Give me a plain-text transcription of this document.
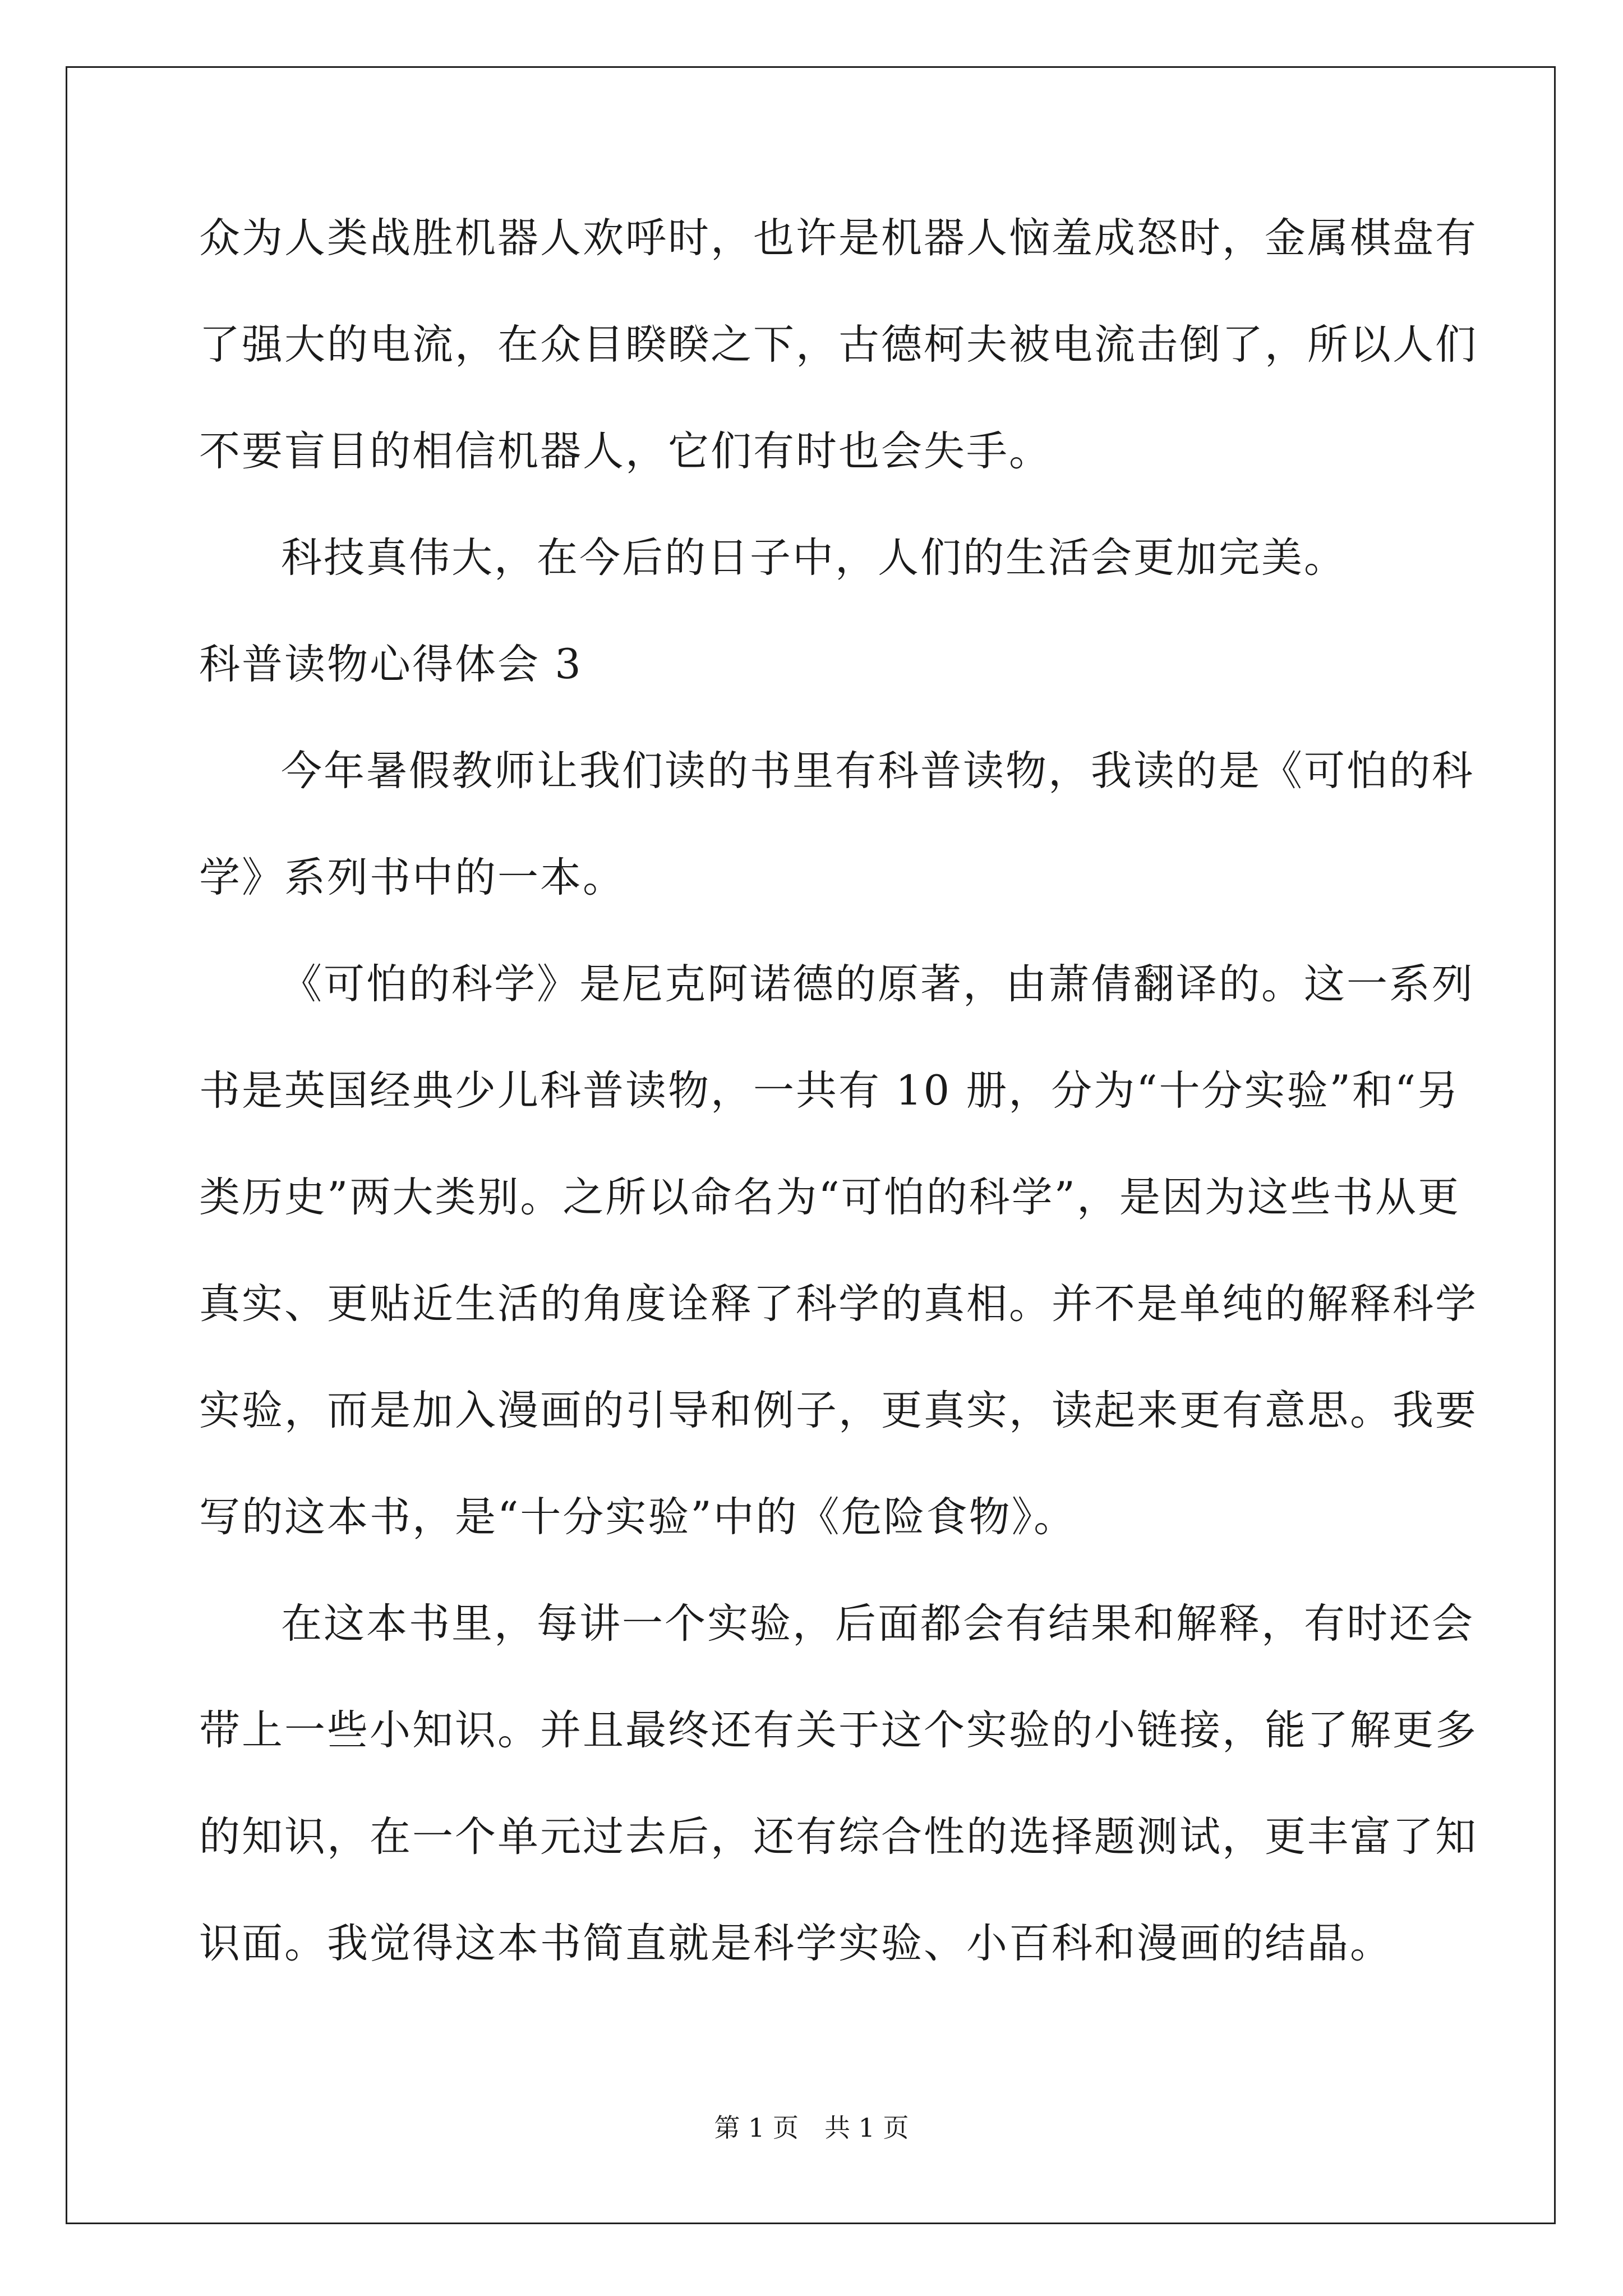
众为人类战胜机器人欢呼时，也许是机器人恼羞成怒时，金属棋盘有
了强大的电流，在众目睽睽之下，古德柯夫被电流击倒了，所以人们
不要盲目的相信机器人，它们有时也会失手。
科技真伟大，在今后的日子中，人们的生活会更加完美。
科普读物心得体会 3
今年暑假教师让我们读的书里有科普读物，我读的是《可怕的科
学》系列书中的一本。
《可怕的科学》是尼克阿诺德的原著，由萧倩翻译的。这一系列
书是英国经典少儿科普读物，一共有 10 册，分为“十分实验”和“另
类历史”两大类别。之所以命名为“可怕的科学”，是因为这些书从更
真实、更贴近生活的角度诠释了科学的真相。并不是单纯的解释科学
实验，而是加入漫画的引导和例子，更真实，读起来更有意思。我要
写的这本书，是“十分实验”中的《危险食物》。
在这本书里，每讲一个实验，后面都会有结果和解释，有时还会
带上一些小知识。并且最终还有关于这个实验的小链接，能了解更多
的知识，在一个单元过去后，还有综合性的选择题测试，更丰富了知
识面。我觉得这本书简直就是科学实验、小百科和漫画的结晶。
第 1 页　共 1 页
